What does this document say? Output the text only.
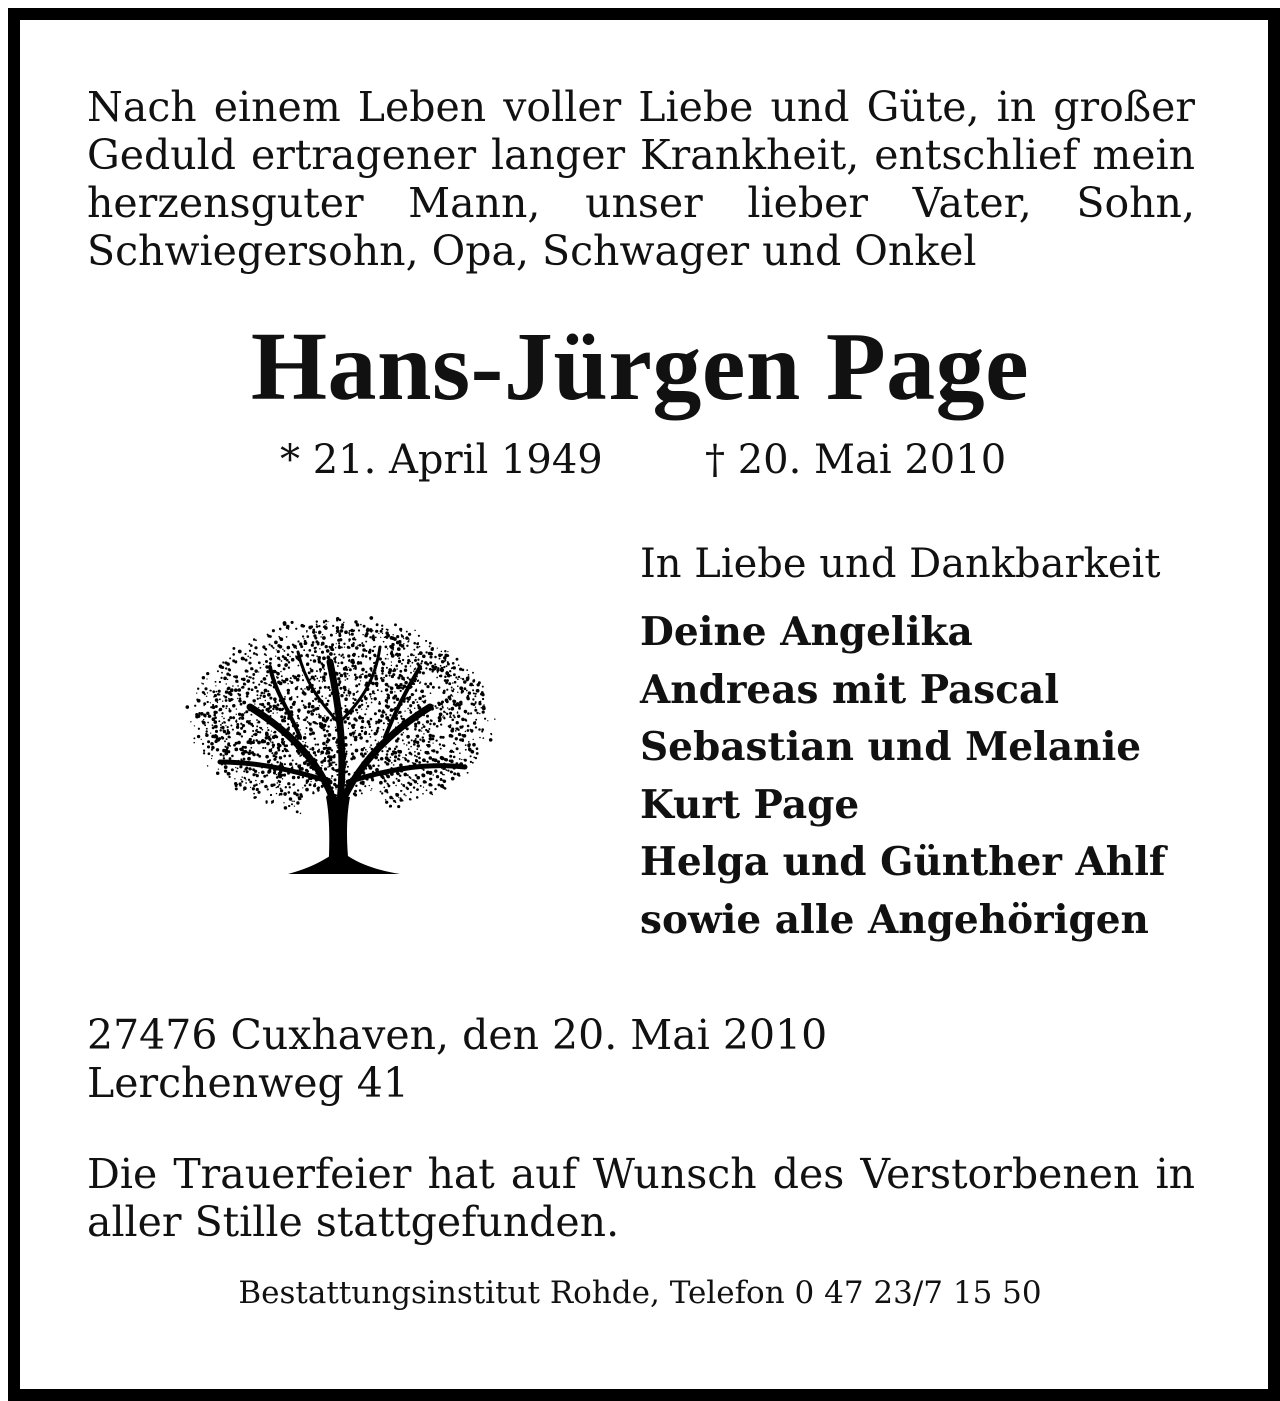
Nach einem Leben voller Liebe und Güte, in großer
Geduld ertragener langer Krankheit, entschlief mein
herzensguter Mann, unser lieber Vater, Sohn,
Schwiegersohn, Opa, Schwager und Onkel

Hans-Jürgen Page
* 21. April 1949	† 20. Mai 2010
In Liebe und Dankbarkeit
Deine Angelika
Andreas mit Pascal
Sebastian und Melanie
Kurt Page
Helga und Günther Ahlf
sowie alle Angehörigen
27476 Cuxhaven, den 20. Mai 2010
Lerchenweg 41
Die Trauerfeier hat auf Wunsch des Verstorbenen in
aller Stille stattgefunden.
Bestattungsinstitut Rohde, Telefon 0 47 23/7 15 50
